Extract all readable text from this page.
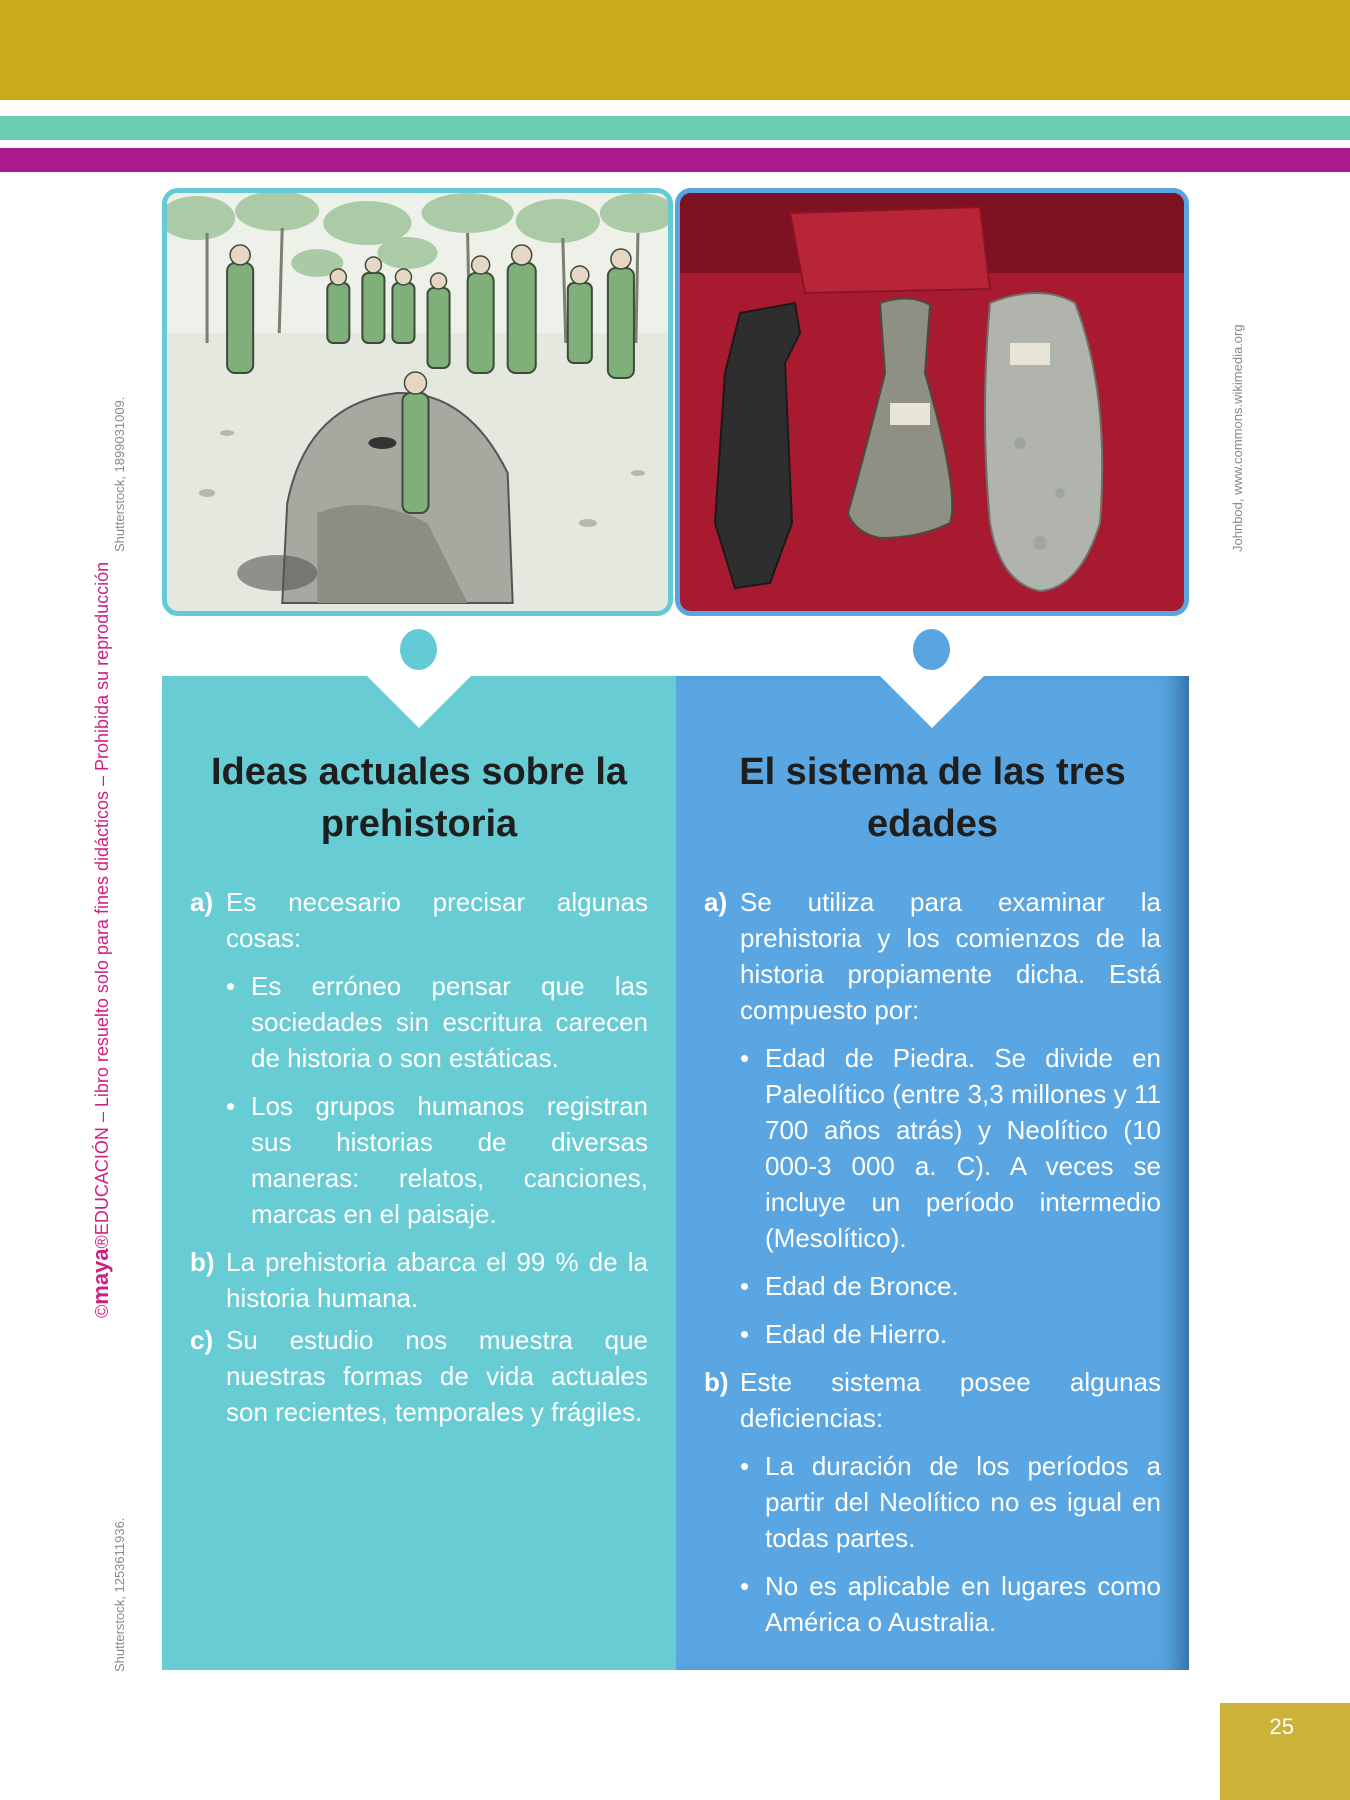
Shutterstock, 1899031009.
©maya®EDUCACIÓN – Libro resuelto solo para fines didácticos – Prohibida su reproducción
Shutterstock, 1253611936.
Johnbod, www.commons.wikimedia.org
Ideas actuales sobre la prehistoria
a) Es necesario precisar algunas cosas:
• Es erróneo pensar que las sociedades sin escritura carecen de historia o son estáticas.
• Los grupos humanos registran sus historias de diversas maneras: relatos, canciones, marcas en el paisaje.
b) La prehistoria abarca el 99 % de la historia humana.
c) Su estudio nos muestra que nuestras formas de vida actuales son recientes, temporales y frágiles.
El sistema de las tres edades
a) Se utiliza para examinar la prehistoria y los comienzos de la historia propiamente dicha. Está compuesto por:
• Edad de Piedra. Se divide en Paleolítico (entre 3,3 millones y 11 700 años atrás) y Neolítico (10 000-3 000 a. C). A veces se incluye un período intermedio (Mesolítico).
• Edad de Bronce.
• Edad de Hierro.
b) Este sistema posee algunas deficiencias:
• La duración de los períodos a partir del Neolítico no es igual en todas partes.
• No es aplicable en lugares como América o Australia.
25
